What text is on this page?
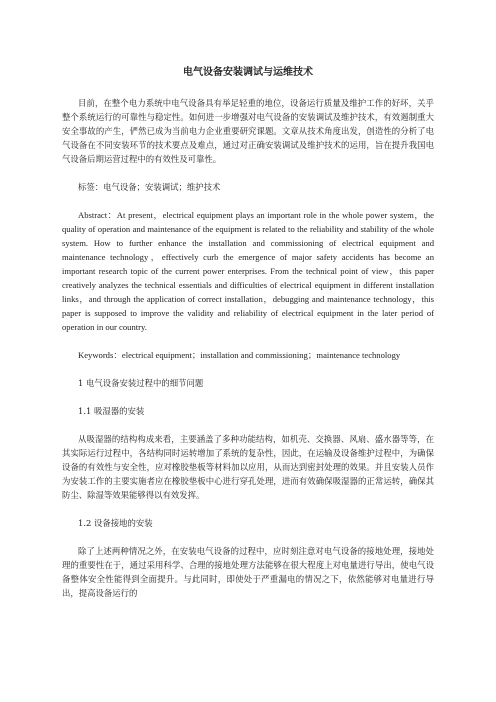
电气设备安装调试与运维技术

目前，在整个电力系统中电气设备具有举足轻重的地位，设备运行质量及维护工作的好坏，关乎整个系统运行的可靠性与稳定性。如何进一步增强对电气设备的安装调试及维护技术，有效遏制重大安全事故的产生，俨然已成为当前电力企业重要研究课题。文章从技术角度出发，创造性的分析了电气设备在不同安装环节的技术要点及难点，通过对正确安装调试及维护技术的运用，旨在提升我国电气设备后期运营过程中的有效性及可靠性。

标签：电气设备；安装调试；维护技术

Abstract：At present，electrical equipment plays an important role in the whole power system，the quality of operation and maintenance of the equipment is related to the reliability and stability of the whole system. How to further enhance the installation and commissioning of electrical equipment and maintenance technology，effectively curb the emergence of major safety accidents has become an important research topic of the current power enterprises. From the technical point of view，this paper creatively analyzes the technical essentials and difficulties of electrical equipment in different installation links，and through the application of correct installation，debugging and maintenance technology，this paper is supposed to improve the validity and reliability of electrical equipment in the later period of operation in our country.

Keywords：electrical equipment；installation and commissioning；maintenance technology

1 电气设备安装过程中的细节问题

1.1 吸湿器的安装

从吸湿器的结构构成来看，主要涵盖了多种功能结构，如机壳、交换器、风扇、盛水器等等，在其实际运行过程中，各结构同时运转增加了系统的复杂性，因此，在运输及设备维护过程中，为确保设备的有效性与安全性，应对橡胶垫板等材料加以应用，从而达到密封处理的效果。并且安装人员作为安装工作的主要实施者应在橡胶垫板中心进行穿孔处理，进而有效确保吸湿器的正常运转，确保其防尘、除湿等效果能够得以有效发挥。

1.2 设备接地的安装

除了上述两种情况之外，在安装电气设备的过程中，应时刻注意对电气设备的接地处理，接地处理的重要性在于，通过采用科学、合理的接地处理方法能够在很大程度上对电量进行导出，使电气设备整体安全性能得到全面提升。与此同时，即使处于严重漏电的情况之下，依然能够对电量进行导出，提高设备运行的
